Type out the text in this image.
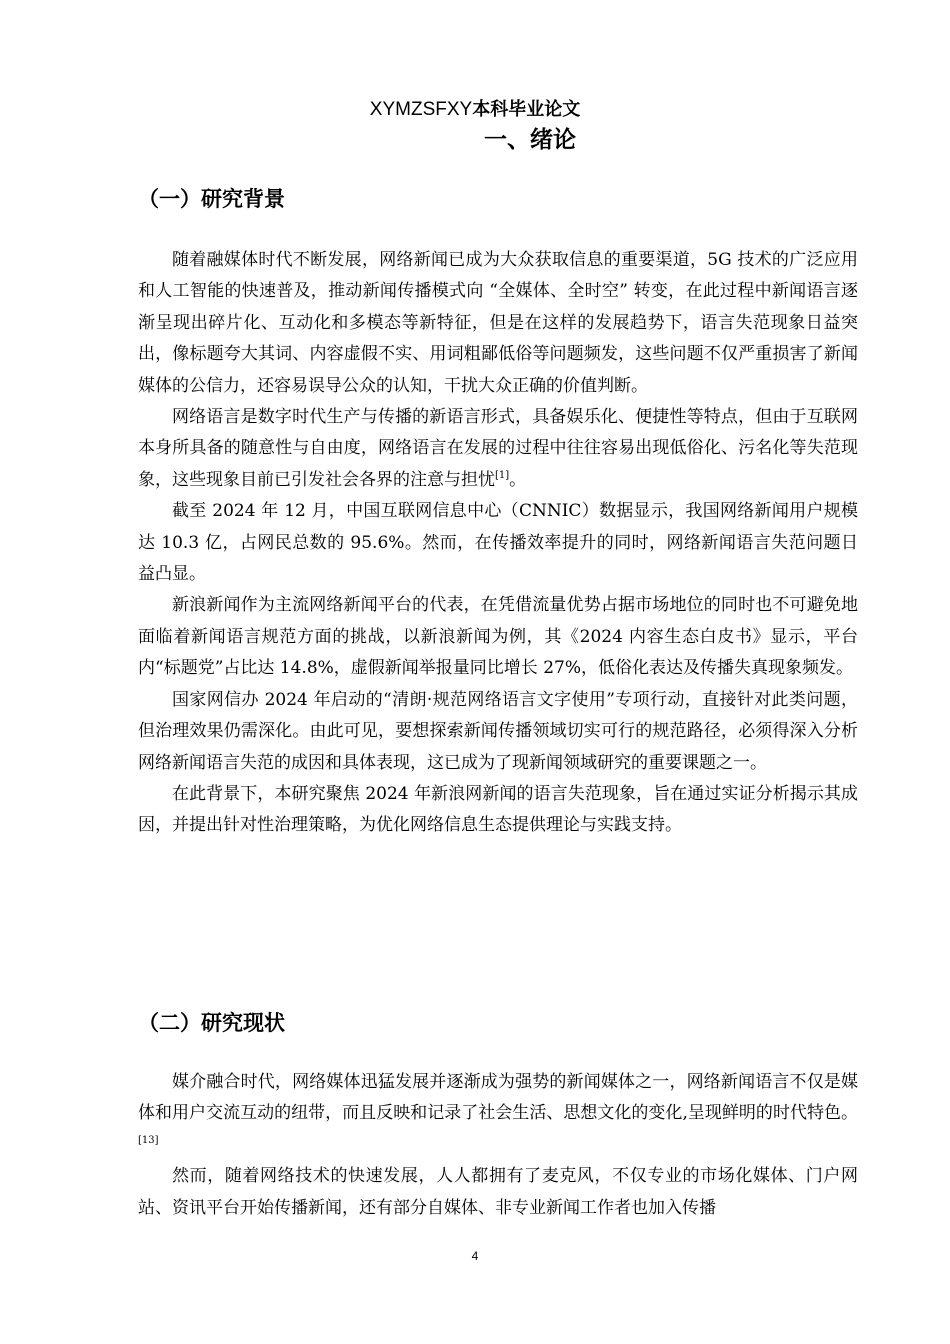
XYMZSFXY本科毕业论文
一、绪论
（一）研究背景

随着融媒体时代不断发展，网络新闻已成为大众获取信息的重要渠道，5G 技术的广泛应用和人工智能的快速普及，推动新闻传播模式向 “全媒体、全时空” 转变，在此过程中新闻语言逐渐呈现出碎片化、互动化和多模态等新特征，但是在这样的发展趋势下，语言失范现象日益突出，像标题夸大其词、内容虚假不实、用词粗鄙低俗等问题频发，这些问题不仅严重损害了新闻媒体的公信力，还容易误导公众的认知，干扰大众正确的价值判断。

网络语言是数字时代生产与传播的新语言形式，具备娱乐化、便捷性等特点，但由于互联网本身所具备的随意性与自由度，网络语言在发展的过程中往往容易出现低俗化、污名化等失范现象，这些现象目前已引发社会各界的注意与担忧[1]。

截至 2024 年 12 月，中国互联网信息中心（CNNIC）数据显示，我国网络新闻用户规模达 10.3 亿，占网民总数的 95.6%。然而，在传播效率提升的同时，网络新闻语言失范问题日益凸显。

新浪新闻作为主流网络新闻平台的代表，在凭借流量优势占据市场地位的同时也不可避免地面临着新闻语言规范方面的挑战，以新浪新闻为例，其《2024 内容生态白皮书》显示，平台内“标题党”占比达 14.8%，虚假新闻举报量同比增长 27%，低俗化表达及传播失真现象频发。

国家网信办 2024 年启动的“清朗·规范网络语言文字使用”专项行动，直接针对此类问题，但治理效果仍需深化。由此可见，要想探索新闻传播领域切实可行的规范路径，必须得深入分析网络新闻语言失范的成因和具体表现，这已成为了现新闻领域研究的重要课题之一。

在此背景下，本研究聚焦 2024 年新浪网新闻的语言失范现象，旨在通过实证分析揭示其成因，并提出针对性治理策略，为优化网络信息生态提供理论与实践支持。

（二）研究现状

媒介融合时代，网络媒体迅猛发展并逐渐成为强势的新闻媒体之一，网络新闻语言不仅是媒体和用户交流互动的纽带，而且反映和记录了社会生活、思想文化的变化,呈现鲜明的时代特色。[13]

然而，随着网络技术的快速发展，人人都拥有了麦克风，不仅专业的市场化媒体、门户网站、资讯平台开始传播新闻，还有部分自媒体、非专业新闻工作者也加入传播

4
